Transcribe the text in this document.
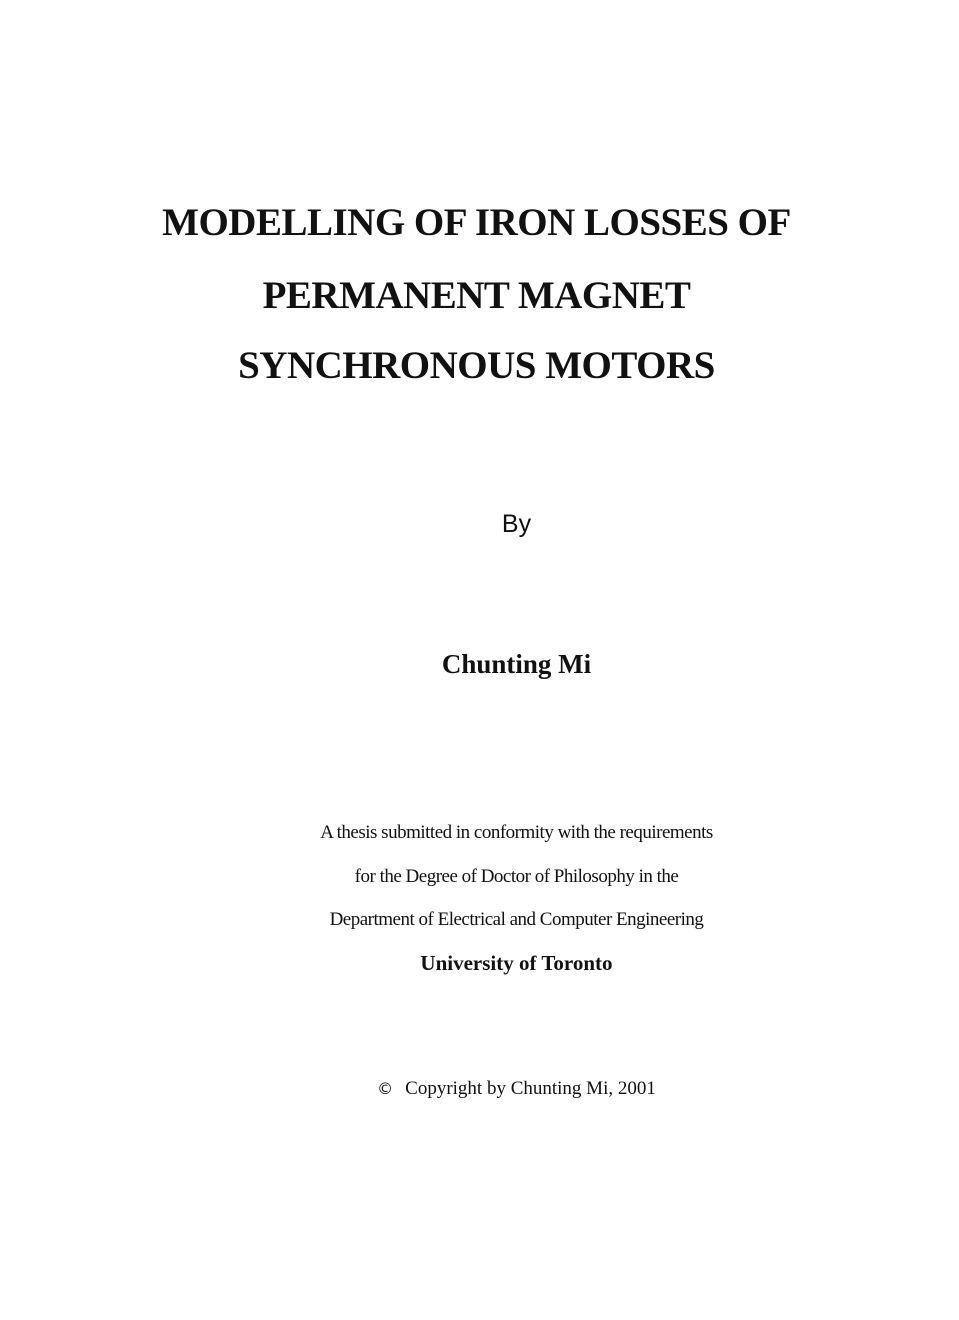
MODELLING OF IRON LOSSES OF
PERMANENT MAGNET
SYNCHRONOUS MOTORS
By
Chunting Mi
A thesis submitted in conformity with the requirements
for the Degree of Doctor of Philosophy in the
Department of Electrical and Computer Engineering
University of Toronto
© Copyright by Chunting Mi, 2001
